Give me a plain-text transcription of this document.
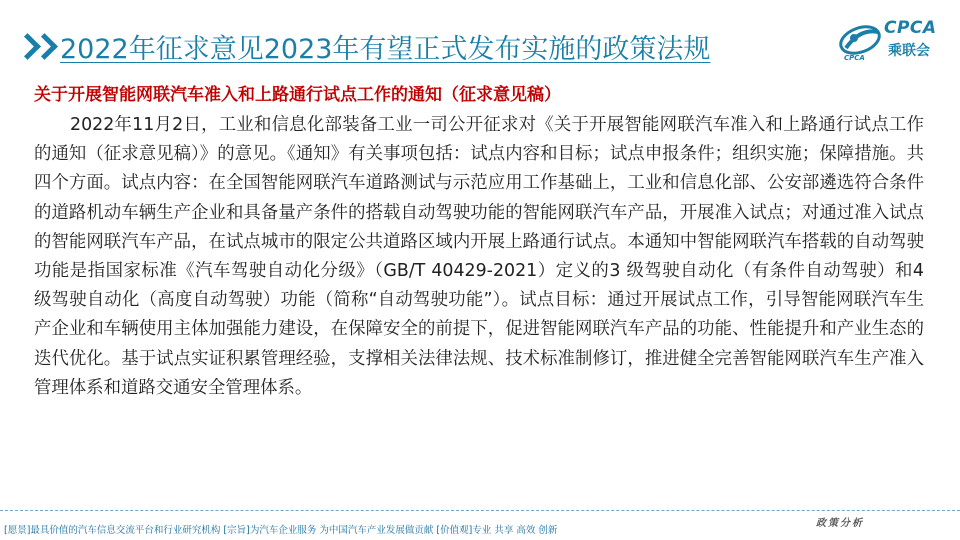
2022年征求意见2023年有望正式发布实施的政策法规
CPCA
乘联会
CPCA
关于开展智能网联汽车准入和上路通行试点工作的通知（征求意见稿）
2022年11月2日，工业和信息化部装备工业一司公开征求对《关于开展智能网联汽车准入和上路通行试点工作的通知（征求意见稿）》的意见。《通知》有关事项包括：试点内容和目标；试点申报条件；组织实施；保障措施。共四个方面。试点内容：在全国智能网联汽车道路测试与示范应用工作基础上，工业和信息化部、公安部遴选符合条件的道路机动车辆生产企业和具备量产条件的搭载自动驾驶功能的智能网联汽车产品，开展准入试点；对通过准入试点的智能网联汽车产品，在试点城市的限定公共道路区域内开展上路通行试点。本通知中智能网联汽车搭载的自动驾驶功能是指国家标准《汽车驾驶自动化分级》（GB/T 40429-2021）定义的3 级驾驶自动化（有条件自动驾驶）和4 级驾驶自动化（高度自动驾驶）功能（简称“自动驾驶功能”）。试点目标：通过开展试点工作，引导智能网联汽车生产企业和车辆使用主体加强能力建设，在保障安全的前提下，促进智能网联汽车产品的功能、性能提升和产业生态的迭代优化。基于试点实证积累管理经验，支撑相关法律法规、技术标准制修订，推进健全完善智能网联汽车生产准入管理体系和道路交通安全管理体系。
[愿景]最具价值的汽车信息交流平台和行业研究机构 [宗旨]为汽车企业服务 为中国汽车产业发展做贡献 [价值观]专业 共享 高效 创新
政策分析
